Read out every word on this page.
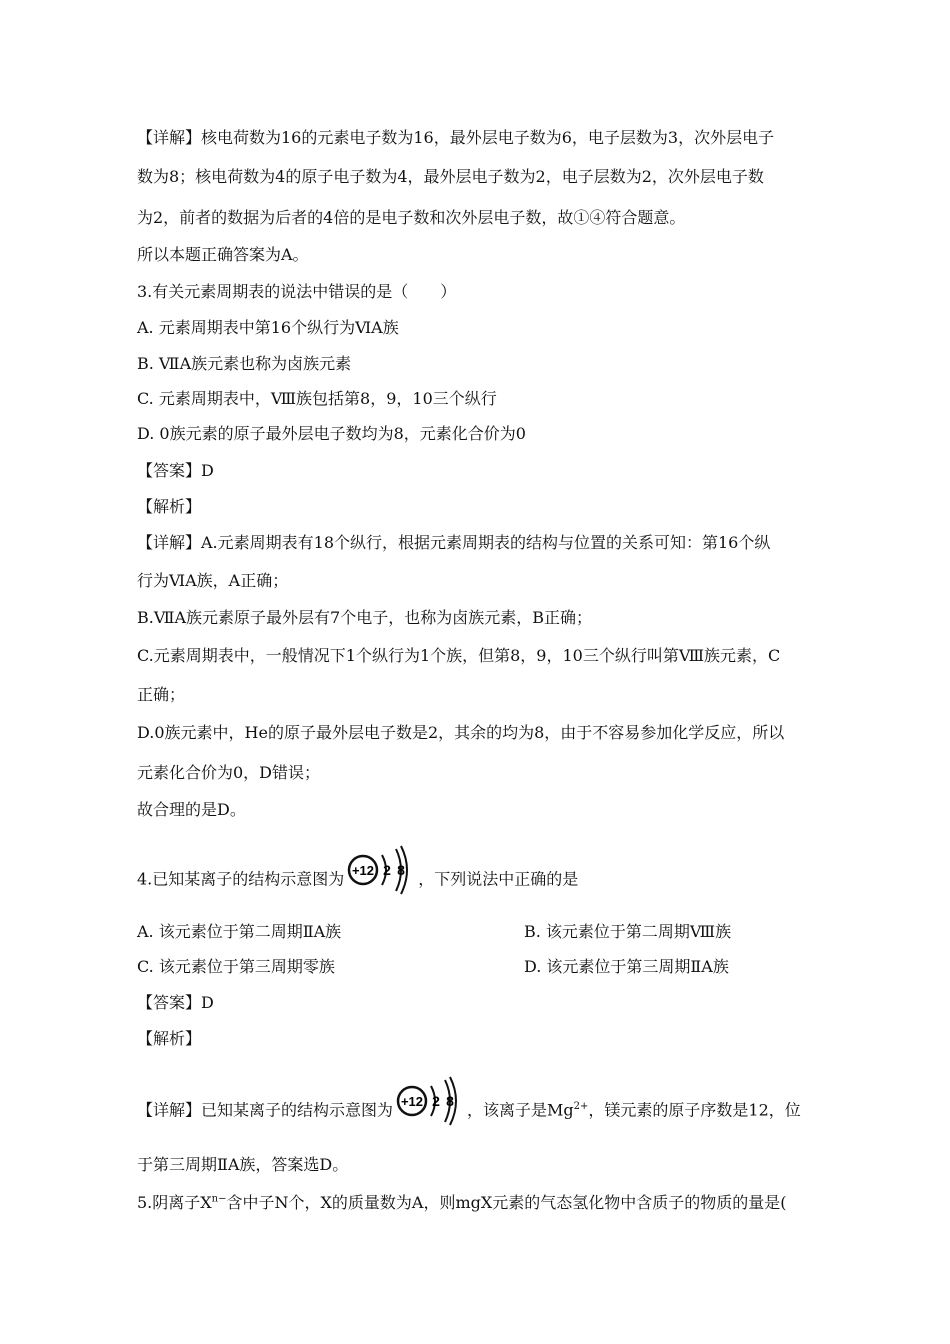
【详解】核电荷数为16的元素电子数为16，最外层电子数为6，电子层数为3，次外层电子
数为8；核电荷数为4的原子电子数为4，最外层电子数为2，电子层数为2，次外层电子数
为2，前者的数据为后者的4倍的是电子数和次外层电子数，故①④符合题意。
所以本题正确答案为A。
3.有关元素周期表的说法中错误的是（　　）
A. 元素周期表中第16个纵行为ⅥA族
B. ⅦA族元素也称为卤族元素
C. 元素周期表中，Ⅷ族包括第8，9，10三个纵行
D. 0族元素的原子最外层电子数均为8，元素化合价为0
【答案】D
【解析】
【详解】A.元素周期表有18个纵行，根据元素周期表的结构与位置的关系可知：第16个纵
行为ⅥA族，A正确；
B.ⅦA族元素原子最外层有7个电子，也称为卤族元素，B正确；
C.元素周期表中，一般情况下1个纵行为1个族，但第8，9，10三个纵行叫第Ⅷ族元素，C
正确；
D.0族元素中，He的原子最外层电子数是2，其余的均为8，由于不容易参加化学反应，所以
元素化合价为0，D错误；
故合理的是D。
4.已知某离子的结构示意图为 +12 2 8 ，下列说法中正确的是
A. 该元素位于第二周期ⅡA族	B. 该元素位于第二周期Ⅷ族
C. 该元素位于第三周期零族	D. 该元素位于第三周期ⅡA族
【答案】D
【解析】
【详解】已知某离子的结构示意图为 +12 2 8 ，该离子是$Mg^{2+}$，镁元素的原子序数是12，位
于第三周期ⅡA族，答案选D。
5.阴离子$X^{n-}$含中子N个，X的质量数为A，则mgX元素的气态氢化物中含质子的物质的量是(
